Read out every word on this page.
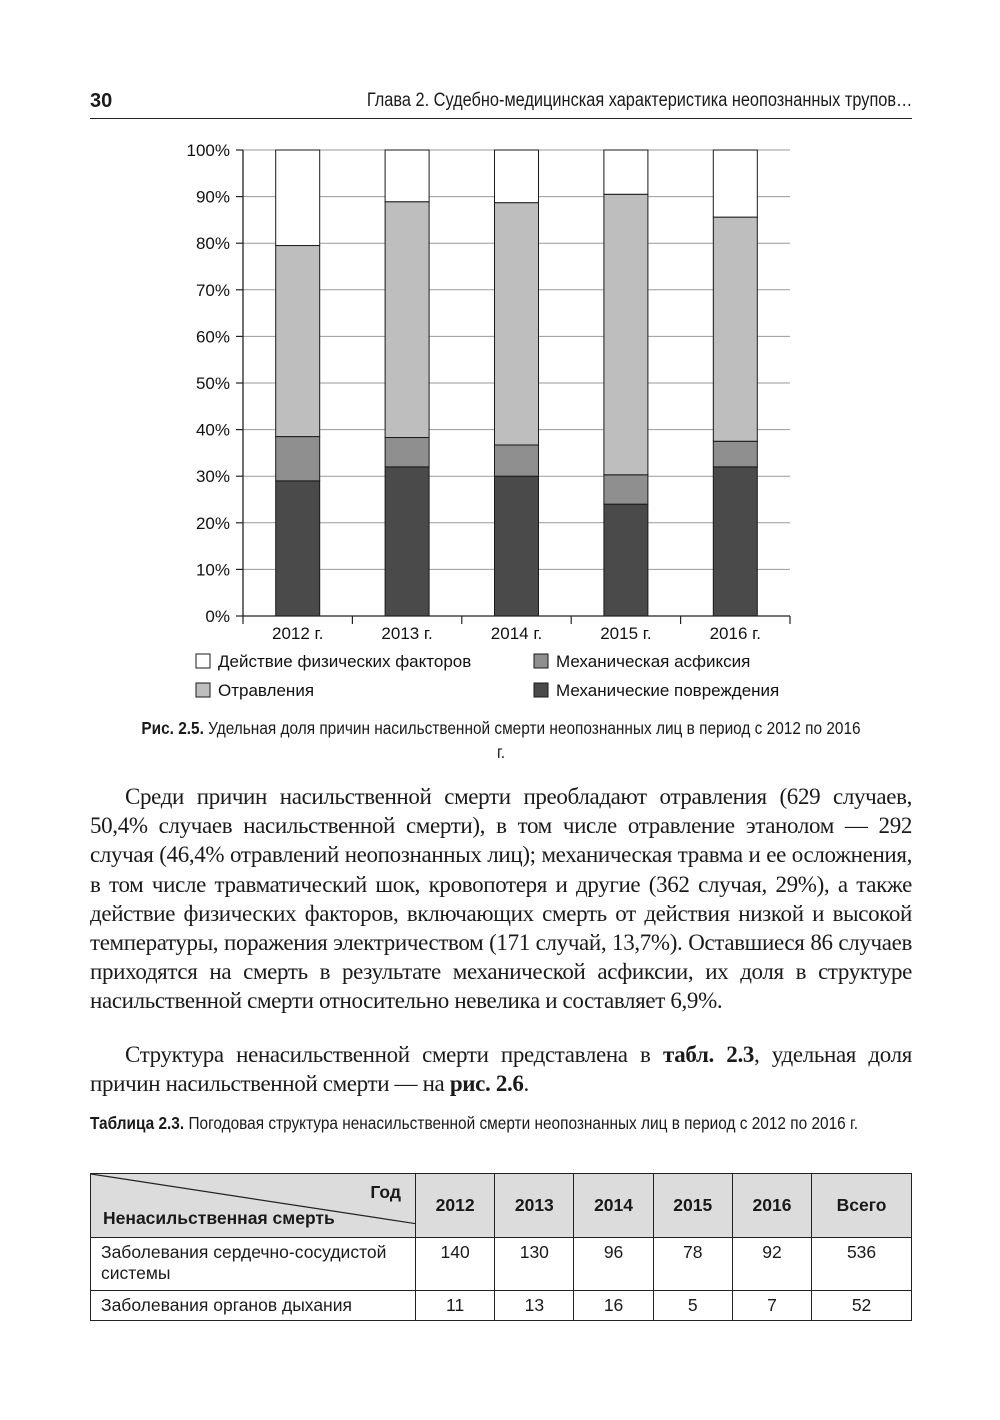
30	Глава 2. Судебно-медицинская характеристика неопознанных трупов…
0%
10%
20%
30%
40%
50%
60%
70%
80%
90%
100%
2012 г.	2013 г.	2014 г.	2015 г.	2016 г.
Действие физических факторов	Механическая асфиксия
Отравления	Механические повреждения
Рис. 2.5. Удельная доля причин насильственной смерти неопознанных лиц в период с 2012 по 2016 г.

Среди причин насильственной смерти преобладают отравления (629 случаев, 50,4% случаев насильственной смерти), в том числе отравление этанолом — 292 случая (46,4% отравлений неопознанных лиц); механическая травма и ее осложнения, в том числе травматический шок, кровопотеря и другие (362 случая, 29%), а также действие физических факторов, включающих смерть от действия низкой и высокой температуры, поражения электричеством (171 случай, 13,7%). Оставшиеся 86 случаев приходятся на смерть в результате механической асфиксии, их доля в структуре насильственной смерти относительно невелика и составляет 6,9%.

Структура ненасильственной смерти представлена в табл. 2.3, удельная доля причин насильственной смерти — на рис. 2.6.

Таблица 2.3. Погодовая структура ненасильственной смерти неопознанных лиц в период с 2012 по 2016 г.
Год
Ненасильственная смерть	2012	2013	2014	2015	2016	Всего
Заболевания сердечно-сосудистой системы	140	130	96	78	92	536
Заболевания органов дыхания	11	13	16	5	7	52
